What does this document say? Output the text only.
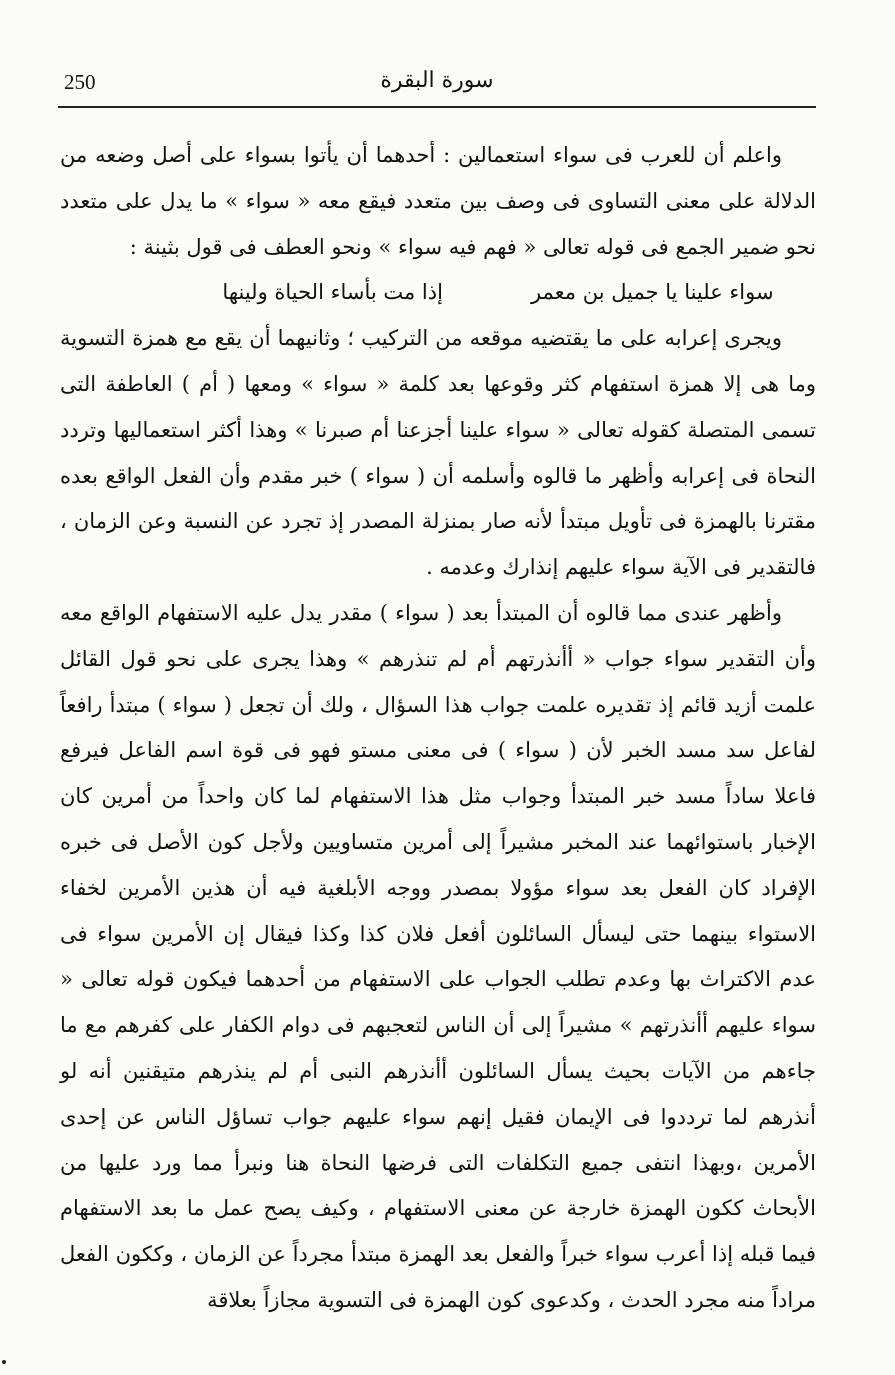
250	سورة البقرة

واعلم أن للعرب فى سواء استعمالين : أحدهما أن يأتوا بسواء على أصل وضعه من الدلالة على معنى التساوى فى وصف بين متعدد فيقع معه « سواء » ما يدل على متعدد نحو ضمير الجمع فى قوله تعالى « فهم فيه سواء » ونحو العطف فى قول بثينة :

سواء علينا يا جميل بن معمر
إذا مت بأساء الحياة ولينها

ويجرى إعرابه على ما يقتضيه موقعه من التركيب ؛ وثانيهما أن يقع مع همزة التسوية وما هى إلا همزة استفهام كثر وقوعها بعد كلمة « سواء » ومعها ( أم ) العاطفة التى تسمى المتصلة كقوله تعالى « سواء علينا أجزعنا أم صبرنا » وهذا أكثر استعماليها وتردد النحاة فى إعرابه وأظهر ما قالوه وأسلمه أن ( سواء ) خبر مقدم وأن الفعل الواقع بعده مقترنا بالهمزة فى تأويل مبتدأ لأنه صار بمنزلة المصدر إذ تجرد عن النسبة وعن الزمان ، فالتقدير فى الآية سواء عليهم إنذارك وعدمه .

وأظهر عندى مما قالوه أن المبتدأ بعد ( سواء ) مقدر يدل عليه الاستفهام الواقع معه وأن التقدير سواء جواب « أأنذرتهم أم لم تنذرهم » وهذا يجرى على نحو قول القائل علمت أزيد قائم إذ تقديره علمت جواب هذا السؤال ، ولك أن تجعل ( سواء ) مبتدأ رافعاً لفاعل سد مسد الخبر لأن ( سواء ) فى معنى مستو فهو فى قوة اسم الفاعل فيرفع فاعلا ساداً مسد خبر المبتدأ وجواب مثل هذا الاستفهام لما كان واحداً من أمرين كان الإخبار باستوائهما عند المخبر مشيراً إلى أمرين متساويين ولأجل كون الأصل فى خبره الإفراد كان الفعل بعد سواء مؤولا بمصدر ووجه الأبلغية فيه أن هذين الأمرين لخفاء الاستواء بينهما حتى ليسأل السائلون أفعل فلان كذا وكذا فيقال إن الأمرين سواء فى عدم الاكتراث بها وعدم تطلب الجواب على الاستفهام من أحدهما فيكون قوله تعالى « سواء عليهم أأنذرتهم » مشيراً إلى أن الناس لتعجبهم فى دوام الكفار على كفرهم مع ما جاءهم من الآيات بحيث يسأل السائلون أأنذرهم النبى أم لم ينذرهم متيقنين أنه لو أنذرهم لما ترددوا فى الإيمان فقيل إنهم سواء عليهم جواب تساؤل الناس عن إحدى الأمرين ،وبهذا انتفى جميع التكلفات التى فرضها النحاة هنا ونبرأ مما ورد عليها من الأبحاث ككون الهمزة خارجة عن معنى الاستفهام ، وكيف يصح عمل ما بعد الاستفهام فيما قبله إذا أعرب سواء خبراً والفعل بعد الهمزة مبتدأ مجرداً عن الزمان ، وككون الفعل مراداً منه مجرد الحدث ، وكدعوى كون الهمزة فى التسوية مجازاً بعلاقة
